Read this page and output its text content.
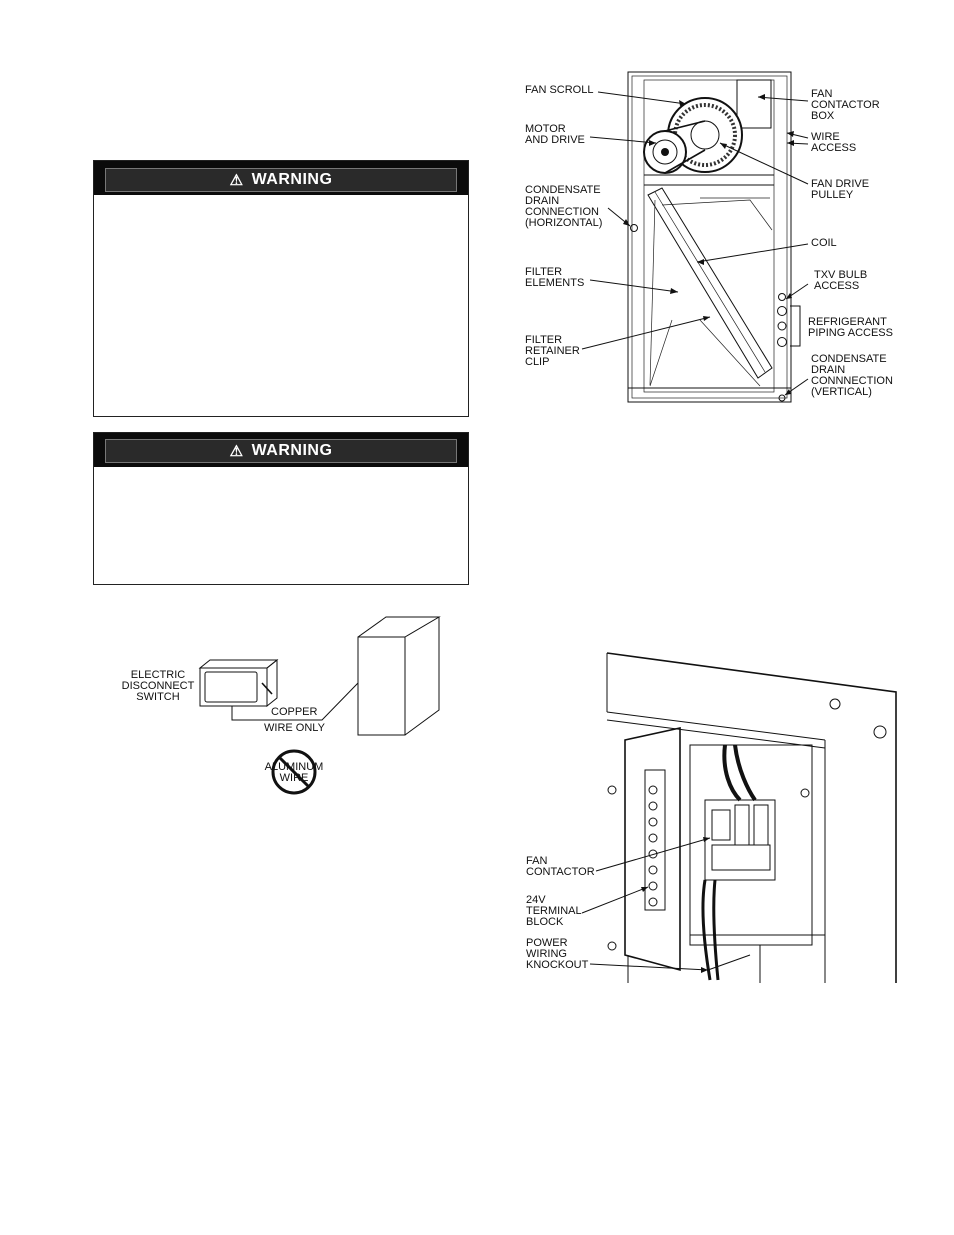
⚠ WARNING
⚠ WARNING
ELECTRIC
DISCONNECT
SWITCH
COPPER
WIRE ONLY
ALUMINUM
WIRE
FAN SCROLL
MOTOR
AND DRIVE
CONDENSATE
DRAIN
CONNECTION
(HORIZONTAL)
FILTER
ELEMENTS
FILTER
RETAINER
CLIP
FAN
CONTACTOR
BOX
WIRE
ACCESS
FAN DRIVE
PULLEY
COIL
TXV BULB
ACCESS
REFRIGERANT
PIPING ACCESS
CONDENSATE
DRAIN
CONNNECTION
(VERTICAL)
FAN
CONTACTOR
24V
TERMINAL
BLOCK
POWER
WIRING
KNOCKOUT
